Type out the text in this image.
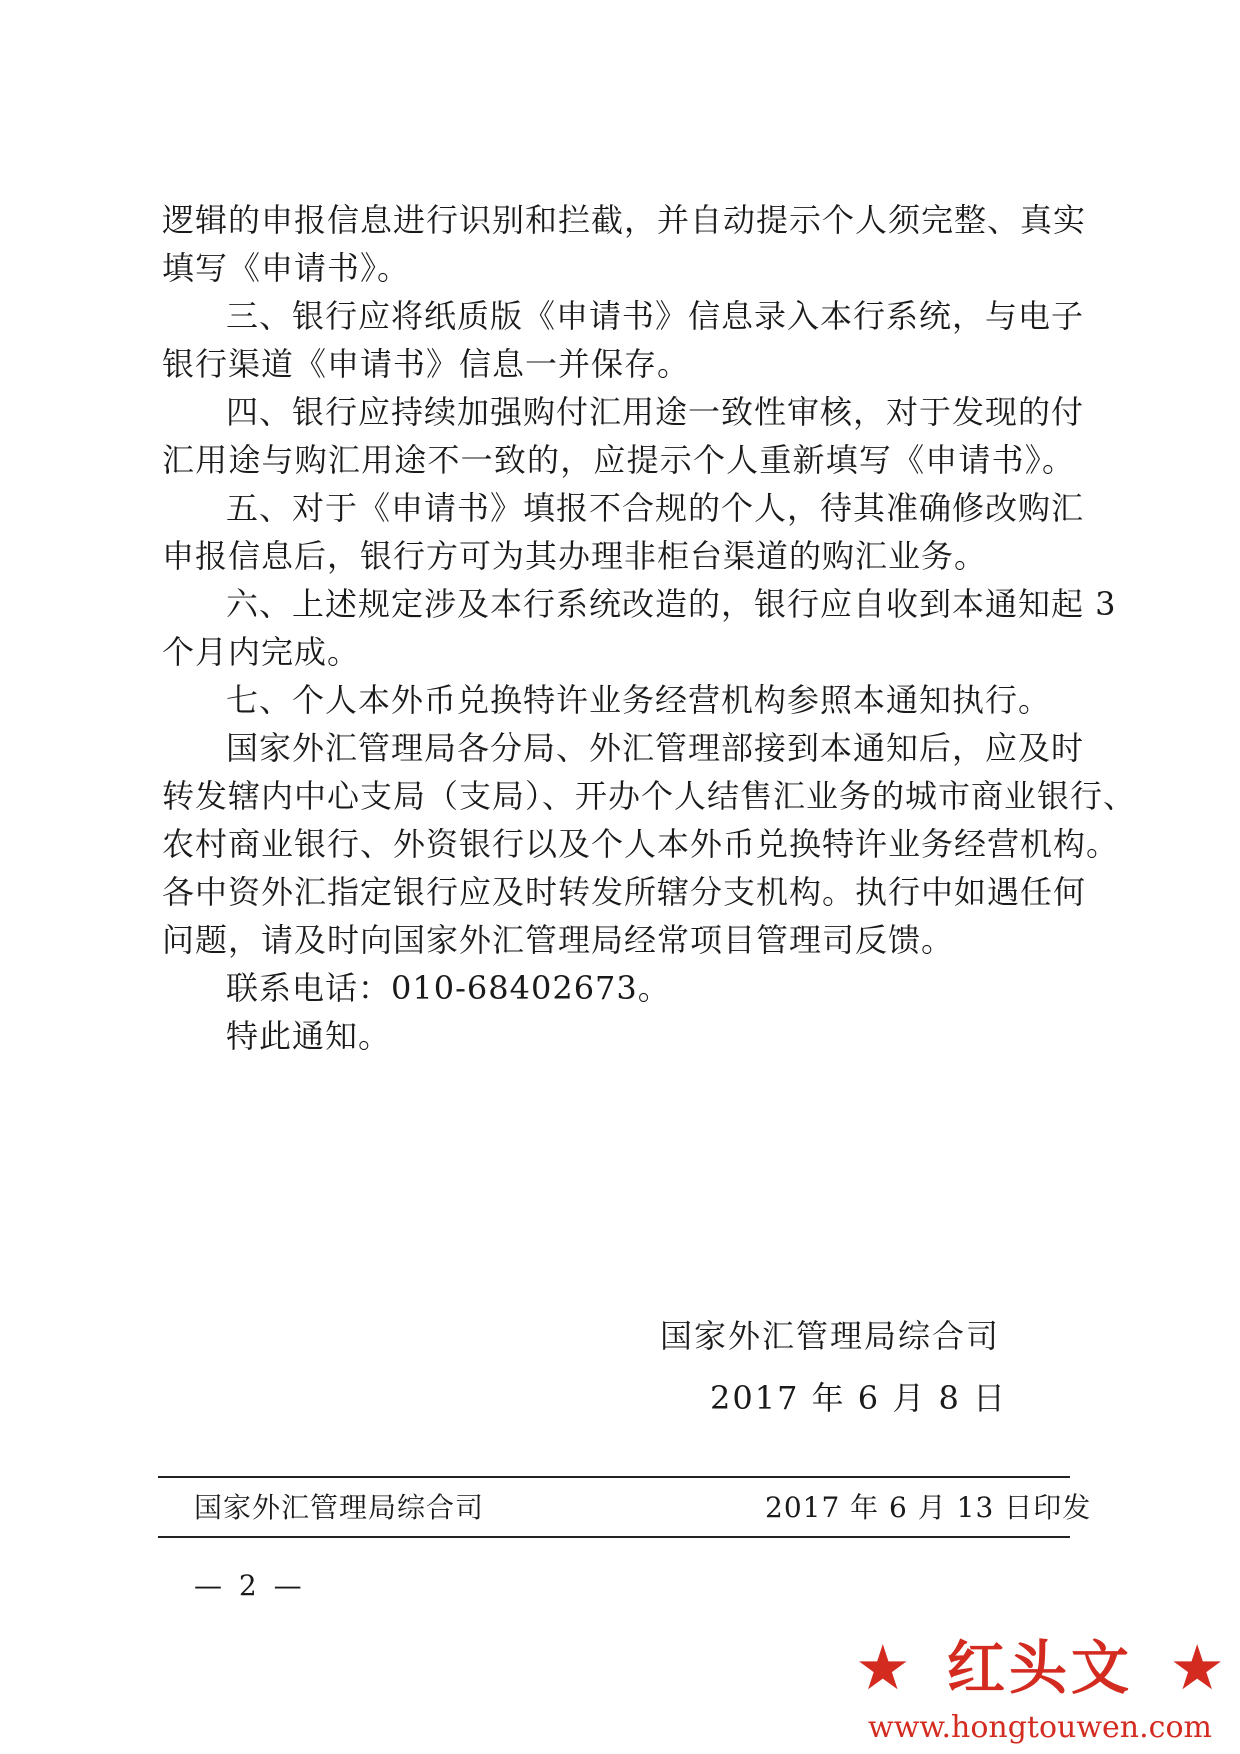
逻辑的申报信息进行识别和拦截，并自动提示个人须完整、真实
填写《申请书》。
三、银行应将纸质版《申请书》信息录入本行系统，与电子
银行渠道《申请书》信息一并保存。
四、银行应持续加强购付汇用途一致性审核，对于发现的付
汇用途与购汇用途不一致的，应提示个人重新填写《申请书》。
五、对于《申请书》填报不合规的个人，待其准确修改购汇
申报信息后，银行方可为其办理非柜台渠道的购汇业务。
六、上述规定涉及本行系统改造的，银行应自收到本通知起 3
个月内完成。
七、个人本外币兑换特许业务经营机构参照本通知执行。
国家外汇管理局各分局、外汇管理部接到本通知后，应及时
转发辖内中心支局（支局）、开办个人结售汇业务的城市商业银行、
农村商业银行、外资银行以及个人本外币兑换特许业务经营机构。
各中资外汇指定银行应及时转发所辖分支机构。执行中如遇任何
问题，请及时向国家外汇管理局经常项目管理司反馈。
联系电话：010-68402673。
特此通知。
国家外汇管理局综合司
2017 年 6 月 8 日
国家外汇管理局综合司	2017 年 6 月 13 日印发
— 2 —
★ 红头文 ★
www.hongtouwen.com
